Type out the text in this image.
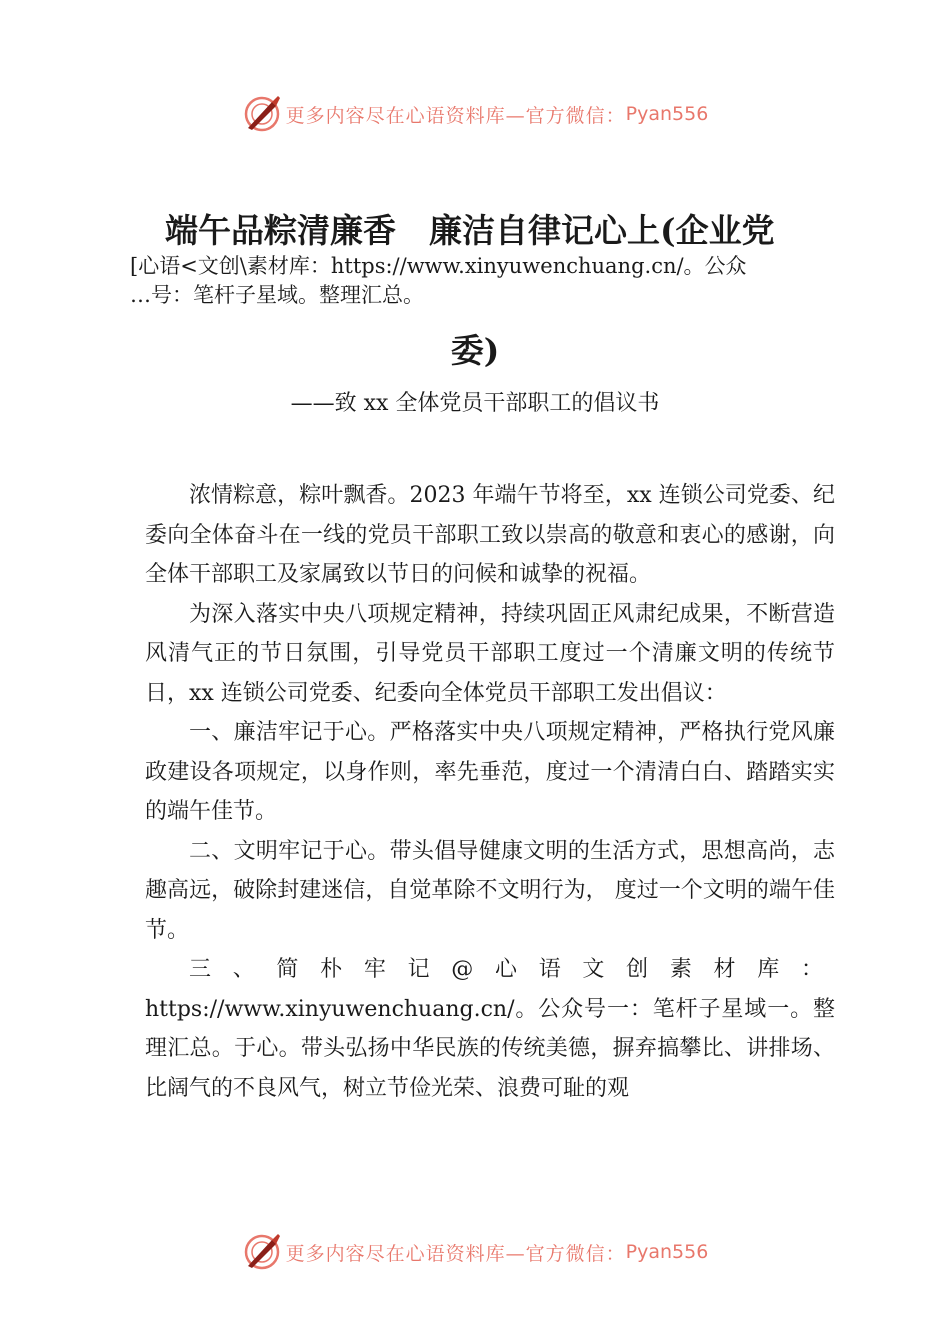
更多内容尽在心语资料库—官方微信： Pyan556
端午品粽清廉香　廉洁自律记心上(企业党
[心语<文创\素材库：https://www.xinyuwenchuang.cn/。公众
…号：笔杆子星域。整理汇总。
委)
——致 xx 全体党员干部职工的倡议书

浓情粽意，粽叶飘香。2023 年端午节将至，xx 连锁公司党委、纪委向全体奋斗在一线的党员干部职工致以崇高的敬意和衷心的感谢，向全体干部职工及家属致以节日的问候和诚挚的祝福。

为深入落实中央八项规定精神，持续巩固正风肃纪成果，不断营造风清气正的节日氛围，引导党员干部职工度过一个清廉文明的传统节日，xx 连锁公司党委、纪委向全体党员干部职工发出倡议：

一、廉洁牢记于心。严格落实中央八项规定精神，严格执行党风廉政建设各项规定，以身作则，率先垂范，度过一个清清白白、踏踏实实的端午佳节。

二、文明牢记于心。带头倡导健康文明的生活方式，思想高尚，志趣高远，破除封建迷信，自觉革除不文明行为， 度过一个文明的端午佳节。

三、简朴牢记@心语文创素材库：https://www.xinyuwenchuang.cn/。公众号一：笔杆子星域一。整理汇总。于心。带头弘扬中华民族的传统美德，摒弃搞攀比、讲排场、比阔气的不良风气，树立节俭光荣、浪费可耻的观

更多内容尽在心语资料库—官方微信： Pyan556
